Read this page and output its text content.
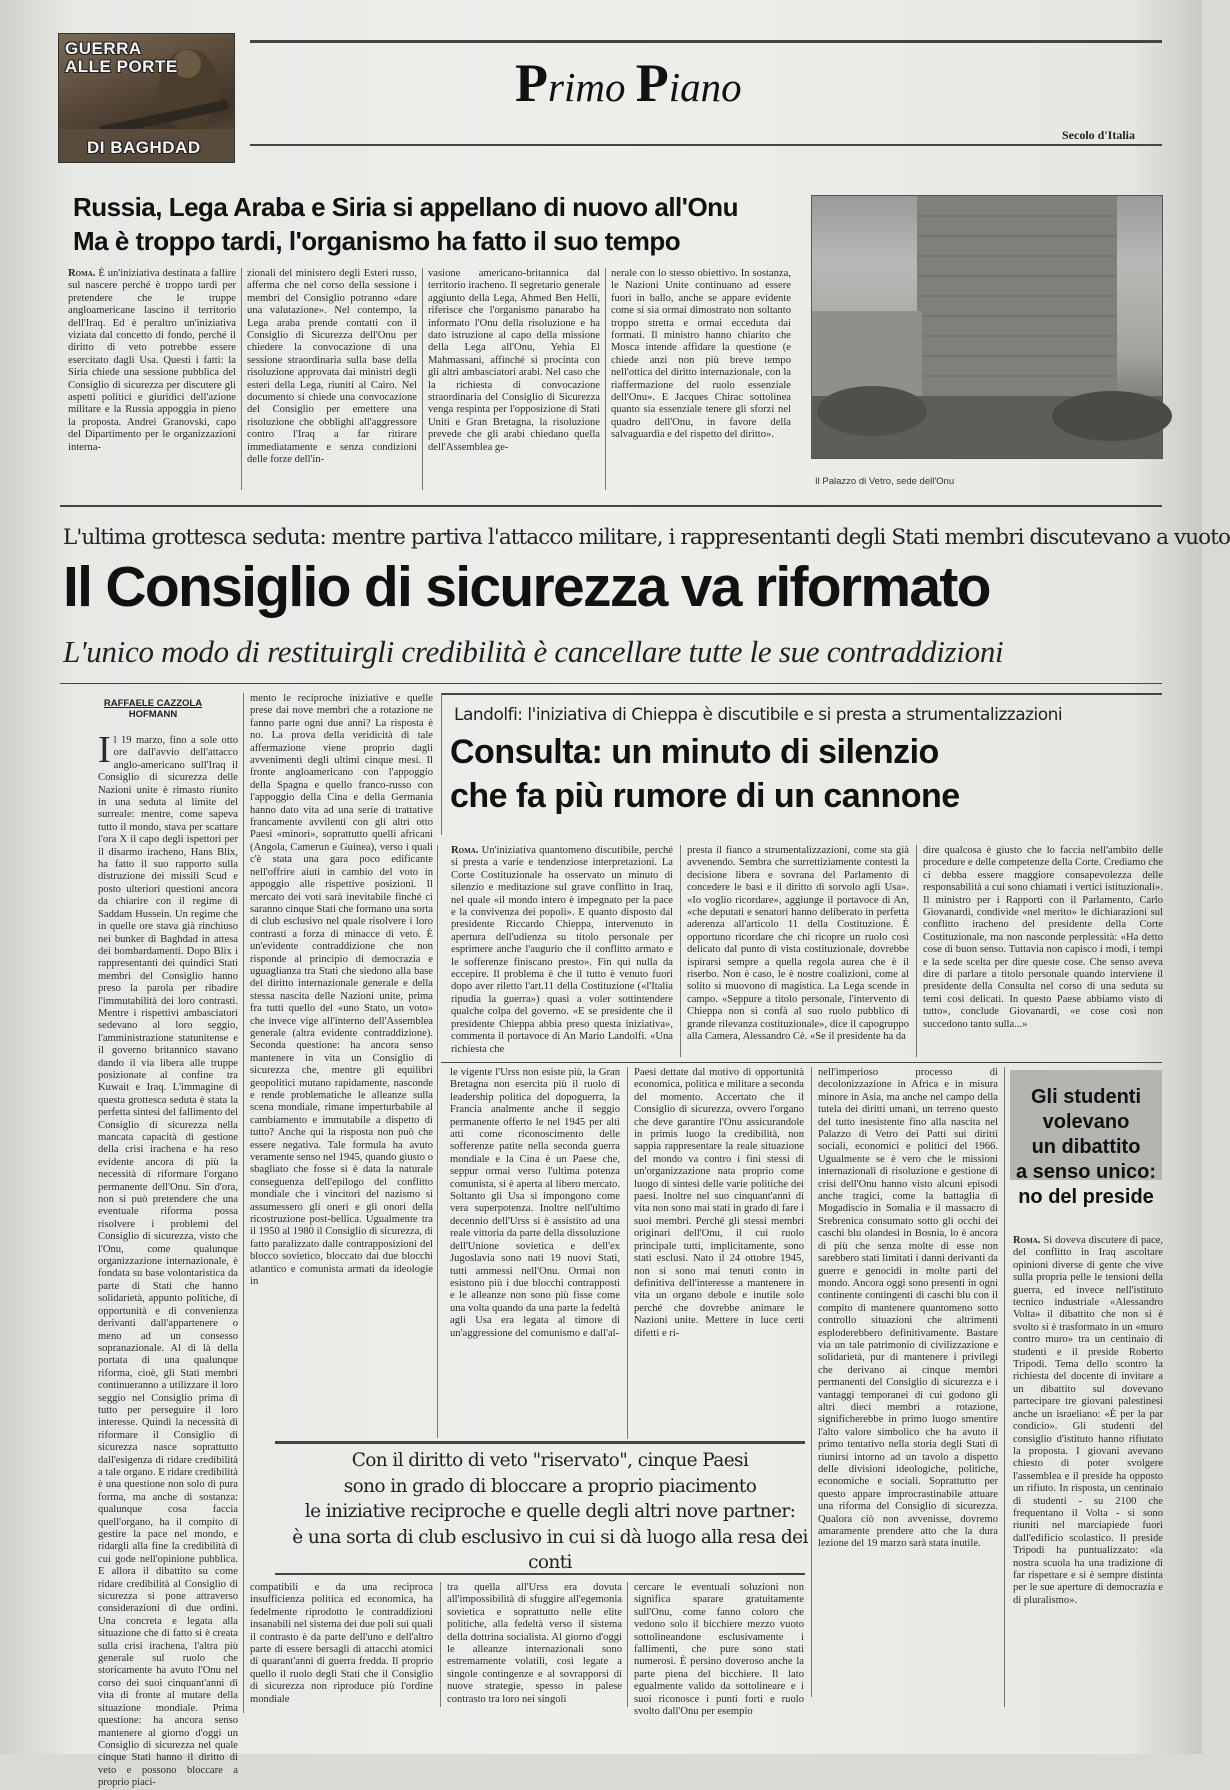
GUERRA
ALLE PORTE
DI BAGHDAD
Primo Piano
Secolo d'Italia
Russia, Lega Araba e Siria si appellano di nuovo all'Onu
Ma è troppo tardi, l'organismo ha fatto il suo tempo
Roma. È un'iniziativa destinata a fallire sul nascere perché è troppo tardi per pretendere che le truppe angloamericane lascino il territorio dell'Iraq. Ed è peraltro un'iniziativa viziata dal concetto di fondo, perché il diritto di veto potrebbe essere esercitato dagli Usa. Questi i fatti: la Siria chiede una sessione pubblica del Consiglio di sicurezza per discutere gli aspetti politici e giuridici dell'azione militare e la Russia appoggia in pieno la proposta. Andrei Granovski, capo del Dipartimento per le organizzazioni interna-
zionali del ministero degli Esteri russo, afferma che nel corso della sessione i membri del Consiglio potranno «dare una valutazione». Nel contempo, la Lega araba prende contatti con il Consiglio di Sicurezza dell'Onu per chiedere la convocazione di una sessione straordinaria sulla base della risoluzione approvata dai ministri degli esteri della Lega, riuniti al Cairo. Nel documento si chiede una convocazione del Consiglio per emettere una risoluzione che obblighi all'aggressore contro l'Iraq a far ritirare immediatamente e senza condizioni delle forze dell'in-
vasione americano-britannica dal territorio iracheno. Il segretario generale aggiunto della Lega, Ahmed Ben Helli, riferisce che l'organismo panarabo ha informato l'Onu della risoluzione e ha dato istruzione al capo della missione della Lega all'Onu, Yehia El Mahmassani, affinché si procinta con gli altri ambasciatori arabi. Nel caso che la richiesta di convocazione straordinaria del Consiglio di Sicurezza venga respinta per l'opposizione di Stati Uniti e Gran Bretagna, la risoluzione prevede che gli arabi chiedano quella dell'Assemblea ge-
nerale con lo stesso obiettivo. In sostanza, le Nazioni Unite continuano ad essere fuori in ballo, anche se appare evidente come si sia ormai dimostrato non soltanto troppo stretta e ormai ecceduta dai formati. Il ministro hanno chiarito che Mosca intende affidare la questione (e chiede anzi non più breve tempo nell'ottica del diritto internazionale, con la riaffermazione del ruolo essenziale dell'Onu». E Jacques Chirac sottolinea quanto sia essenziale tenere gli sforzi nel quadro dell'Onu, in favore della salvaguardia e del rispetto del diritto».
Il Palazzo di Vetro, sede dell'Onu
L'ultima grottesca seduta: mentre partiva l'attacco militare, i rappresentanti degli Stati membri discutevano a vuoto
Il Consiglio di sicurezza va riformato
L'unico modo di restituirgli credibilità è cancellare tutte le sue contraddizioni
RAFFAELE CAZZOLA
HOFMANN
Il 19 marzo, fino a sole otto ore dall'avvio dell'attacco anglo-americano sull'Iraq il Consiglio di sicurezza delle Nazioni unite è rimasto riunito in una seduta al limite del surreale: mentre, come sapeva tutto il mondo, stava per scattare l'ora X il capo degli ispettori per il disarmo iracheno, Hans Blix, ha fatto il suo rapporto sulla distruzione dei missili Scud e posto ulteriori questioni ancora da chiarire con il regime di Saddam Hussein. Un regime che in quelle ore stava già rinchiuso nei bunker di Baghdad in attesa dei bombardamenti. Dopo Blix i rappresentanti dei quindici Stati membri del Consiglio hanno preso la parola per ribadire l'immutabilità dei loro contrasti. Mentre i rispettivi ambasciatori sedevano al loro seggio, l'amministrazione statunitense e il governo britannico stavano dando il via libera alle truppe posizionate al confine tra Kuwait e Iraq. L'immagine di questa grottesca seduta è stata la perfetta sintesi del fallimento del Consiglio di sicurezza nella mancata capacità di gestione della crisi irachena e ha reso evidente ancora di più la necessità di riformare l'organo permanente dell'Onu. Sin d'ora, non si può pretendere che una eventuale riforma possa risolvere i problemi del Consiglio di sicurezza, visto che l'Onu, come qualunque organizzazione internazionale, è fondata su base volontaristica da parte di Stati che hanno solidarietà, appunto politiche, di opportunità e di convenienza derivanti dall'appartenere o meno ad un consesso sopranazionale. Al di là della portata di una qualunque riforma, cioè, gli Stati membri continueranno a utilizzare il loro seggio nel Consiglio prima di tutto per perseguire il loro interesse. Quindi la necessità di riformare il Consiglio di sicurezza nasce soprattutto dall'esigenza di ridare credibilità a tale organo. E ridare credibilità è una questione non solo di pura forma, ma anche di sostanza: qualunque cosa faccia quell'organo, ha il compito di gestire la pace nel mondo, e ridargli alla fine la credibilità di cui gode nell'opinione pubblica. E allora il dibattito su come ridare credibilità al Consiglio di sicurezza si pone attraverso considerazioni di due ordini. Una concreta e legata alla situazione che di fatto si è creata sulla crisi irachena, l'altra più generale sul ruolo che storicamente ha avuto l'Onu nel corso dei suoi cinquant'anni di vita di fronte al mutare della situazione mondiale. Prima questione: ha ancora senso mantenere al giorno d'oggi un Consiglio di sicurezza nel quale cinque Stati hanno il diritto di veto e possono bloccare a proprio piaci-
mento le reciproche iniziative e quelle prese dai nove membri che a rotazione ne fanno parte ogni due anni? La risposta è no. La prova della veridicità di tale affermazione viene proprio dagli avvenimenti degli ultimi cinque mesi. Il fronte angloamericano con l'appoggio della Spagna e quello franco-russo con l'appoggio della Cina e della Germania hanno dato vita ad una serie di trattative francamente avvilenti con gli altri otto Paesi «minori», soprattutto quelli africani (Angola, Camerun e Guinea), verso i quali c'è stata una gara poco edificante nell'offrire aiuti in cambio del voto in appoggio alle rispettive posizioni. Il mercato dei voti sarà inevitabile finché ci saranno cinque Stati che formano una sorta di club esclusivo nel quale risolvere i loro contrasti a forza di minacce di veto. È un'evidente contraddizione che non risponde al principio di democrazia e uguaglianza tra Stati che siedono alla base del diritto internazionale generale e della stessa nascita delle Nazioni unite, prima fra tutti quello del «uno Stato, un voto» che invece vige all'interno dell'Assemblea generale (altra evidente contraddizione). Seconda questione: ha ancora senso mantenere in vita un Consiglio di sicurezza che, mentre gli equilibri geopolitici mutano rapidamente, nasconde e rende problematiche le alleanze sulla scena mondiale, rimane imperturbabile al cambiamento e immutabile a dispetto di tutto? Anche qui la risposta non può che essere negativa. Tale formula ha avuto veramente senso nel 1945, quando giusto o sbagliato che fosse si è data la naturale conseguenza dell'epilogo del conflitto mondiale che i vincitori del nazismo si assumessero gli oneri e gli onori della ricostruzione post-bellica. Ugualmente tra il 1950 al 1980 il Consiglio di sicurezza, di fatto paralizzato dalle contrapposizioni del blocco sovietico, bloccato dai due blocchi atlantico e comunista armati da ideologie in
Landolfi: l'iniziativa di Chieppa è discutibile e si presta a strumentalizzazioni
Consulta: un minuto di silenzio
che fa più rumore di un cannone
Roma. Un'iniziativa quantomeno discutibile, perché si presta a varie e tendenziose interpretazioni. La Corte Costituzionale ha osservato un minuto di silenzio e meditazione sul grave conflitto in Iraq, nel quale «il mondo intero è impegnato per la pace e la convivenza dei popoli». E quanto disposto dal presidente Riccardo Chieppa, intervenuto in apertura dell'udienza su titolo personale per esprimere anche l'augurio che il conflitto armato e le sofferenze finiscano presto». Fin qui nulla da eccepire. Il problema è che il tutto è venuto fuori dopo aver riletto l'art.11 della Costituzione («l'Italia ripudia la guerra») quasi a voler sottintendere qualche colpa del governo. «E se presidente che il presidente Chieppa abbia preso questa iniziativa», commenta il portavoce di An Mario Landolfi. «Una richiesta che
presta il fianco a strumentalizzazioni, come sta già avvenendo. Sembra che surrettiziamente contesti la decisione libera e sovrana del Parlamento di concedere le basi e il diritto di sorvolo agli Usa». «Io voglio ricordare», aggiunge il portavoce di An, «che deputati e senatori hanno deliberato in perfetta aderenza all'articolo 11 della Costituzione. È opportuno ricordare che chi ricopre un ruolo così delicato dal punto di vista costituzionale, dovrebbe ispirarsi sempre a quella regola aurea che è il riserbo. Non è caso, le è nostre coalizioni, come al solito si muovono di magistica. La Lega scende in campo. «Seppure a titolo personale, l'intervento di Chieppa non si confà al suo ruolo pubblico di grande rilevanza costituzionale», dice il capogruppo alla Camera, Alessandro Cè. «Se il presidente ha da
dire qualcosa è giusto che lo faccia nell'ambito delle procedure e delle competenze della Corte. Crediamo che ci debba essere maggiore consapevolezza delle responsabilità a cui sono chiamati i vertici istituzionali». Il ministro per i Rapporti con il Parlamento, Carlo Giovanardi, condivide «nel merito» le dichiarazioni sul conflitto iracheno del presidente della Corte Costituzionale, ma non nasconde perplessità: «Ha detto cose di buon senso. Tuttavia non capisco i modi, i tempi e la sede scelta per dire queste cose. Che senso aveva dire di parlare a titolo personale quando interviene il presidente della Consulta nel corso di una seduta su temi così delicati. In questo Paese abbiamo visto di tutto», conclude Giovanardi, «e cose così non succedono tanto sulla...»
le vigente l'Urss non esiste più, la Gran Bretagna non esercita più il ruolo di leadership politica del dopoguerra, la Francia analmente anche il seggio permanente offerto le nel 1945 per alti atti come riconoscimento delle sofferenze patite nella seconda guerra mondiale e la Cina è un Paese che, seppur ormai verso l'ultima potenza comunista, si è aperta al libero mercato. Soltanto gli Usa si impongono come vera superpotenza. Inoltre nell'ultimo decennio dell'Urss si è assistito ad una reale vittoria da parte della dissoluzione dell'Unione sovietica e dell'ex Jugoslavia sono nati 19 nuovi Stati, tutti ammessi nell'Onu. Ormai non esistono più i due blocchi contrapposti e le alleanze non sono più fisse come una volta quando da una parte la fedeltà agli Usa era legata al timore di un'aggressione del comunismo e dall'al-
Paesi dettate dal motivo di opportunità economica, politica e militare a seconda del momento. Accertato che il Consiglio di sicurezza, ovvero l'organo che deve garantire l'Onu assicurandole in primis luogo la credibilità, non sappia rappresentare la reale situazione del mondo va contro i fini stessi di un'organizzazione nata proprio come luogo di sintesi delle varie politiche dei paesi. Inoltre nel suo cinquant'anni di vita non sono mai stati in grado di fare i suoi membri. Perché gli stessi membri originari dell'Onu, il cui ruolo principale tutti, implicitamente, sono stati esclusi. Nato il 24 ottobre 1945, non si sono mai tenuti conto in definitiva dell'interesse a mantenere in vita un organo debole e inutile solo perché che dovrebbe animare le Nazioni unite. Mettere in luce certi difetti e ri-
nell'imperioso processo di decolonizzazione in Africa e in misura minore in Asia, ma anche nel campo della tutela dei diritti umani, un terreno questo del tutto inesistente fino alla nascita nel Palazzo di Vetro dei Patti sui diritti sociali, economici e politici del 1966. Ugualmente se è vero che le missioni internazionali di risoluzione e gestione di crisi dell'Onu hanno visto alcuni episodi anche tragici, come la battaglia di Mogadiscio in Somalia e il massacro di Srebrenica consumato sotto gli occhi dei caschi blu olandesi in Bosnia, lo è ancora di più che senza molte di esse non sarebbero stati limitati i danni derivanti da guerre e genocidi in molte parti del mondo. Ancora oggi sono presenti in ogni continente contingenti di caschi blu con il compito di mantenere quantomeno sotto controllo situazioni che altrimenti esploderebbero definitivamente. Bastare via un tale patrimonio di civilizzazione e solidarietà, pur di mantenere i privilegi che derivano ai cinque membri permanenti del Consiglio di sicurezza e i vantaggi temporanei di cui godono gli altri dieci membri a rotazione, significherebbe in primo luogo smentire l'alto valore simbolico che ha avuto il primo tentativo nella storia degli Stati di riunirsi intorno ad un tavolo a dispetto delle divisioni ideologiche, politiche, economiche e sociali. Soprattutto per questo appare improcrastinabile attuare una riforma del Consiglio di sicurezza. Qualora ciò non avvenisse, dovremo amaramente prendere atto che la dura lezione del 19 marzo sarà stata inutile.
Con il diritto di veto "riservato", cinque Paesi
sono in grado di bloccare a proprio piacimento
le iniziative reciproche e quelle degli altri nove partner:
è una sorta di club esclusivo in cui si dà luogo alla resa dei conti
compatibili e da una reciproca insufficienza politica ed economica, ha fedelmente riprodotto le contraddizioni insanabili nel sistema dei due poli sui quali il contrasto è da parte dell'uno e dell'altro parte di essere bersagli di attacchi atomici di quarant'anni di guerra fredda. Il proprio quello il ruolo degli Stati che il Consiglio di sicurezza non riproduce più l'ordine mondiale
tra quella all'Urss era dovuta all'impossibilità di sfuggire all'egemonia sovietica e soprattutto nelle elite politiche, alla fedeltà verso il sistema della dottrina socialista. Al giorno d'oggi le alleanze internazionali sono estremamente volatili, così legate a singole contingenze e al sovrapporsi di nuove strategie, spesso in palese contrasto tra loro nei singoli
cercare le eventuali soluzioni non significa sparare gratuitamente sull'Onu, come fanno coloro che vedono solo il bicchiere mezzo vuoto sottolineandone esclusivamente i fallimenti, che pure sono stati numerosi. È persino doveroso anche la parte piena del bicchiere. Il lato egualmente valido da sottolineare e i suoi riconosce i punti forti e ruolo svolto dall'Onu per esempio
Gli studenti
volevano
un dibattito
a senso unico:
no del preside
Roma. Si doveva discutere di pace, del conflitto in Iraq ascoltare opinioni diverse di gente che vive sulla propria pelle le tensioni della guerra, ed invece nell'istituto tecnico industriale «Alessandro Volta» il dibattito che non si è svolto si è trasformato in un «muro contro muro» tra un centinaio di studenti e il preside Roberto Tripodi. Tema dello scontro la richiesta del docente di invitare a un dibattito sul dovevano partecipare tre giovani palestinesi anche un israeliano: «È per la par condicio». Gli studenti del consiglio d'istituto hanno rifiutato la proposta. I giovani avevano chiesto di poter svolgere l'assemblea e il preside ha opposto un rifiuto. In risposta, un centinaio di studenti - su 2100 che frequentano il Volta - si sono riuniti nel marciapiede fuori dall'edificio scolastico. Il preside Tripodi ha puntualizzato: «la nostra scuola ha una tradizione di far rispettare e si è sempre distinta per le sue aperture di democrazia e di pluralismo».
